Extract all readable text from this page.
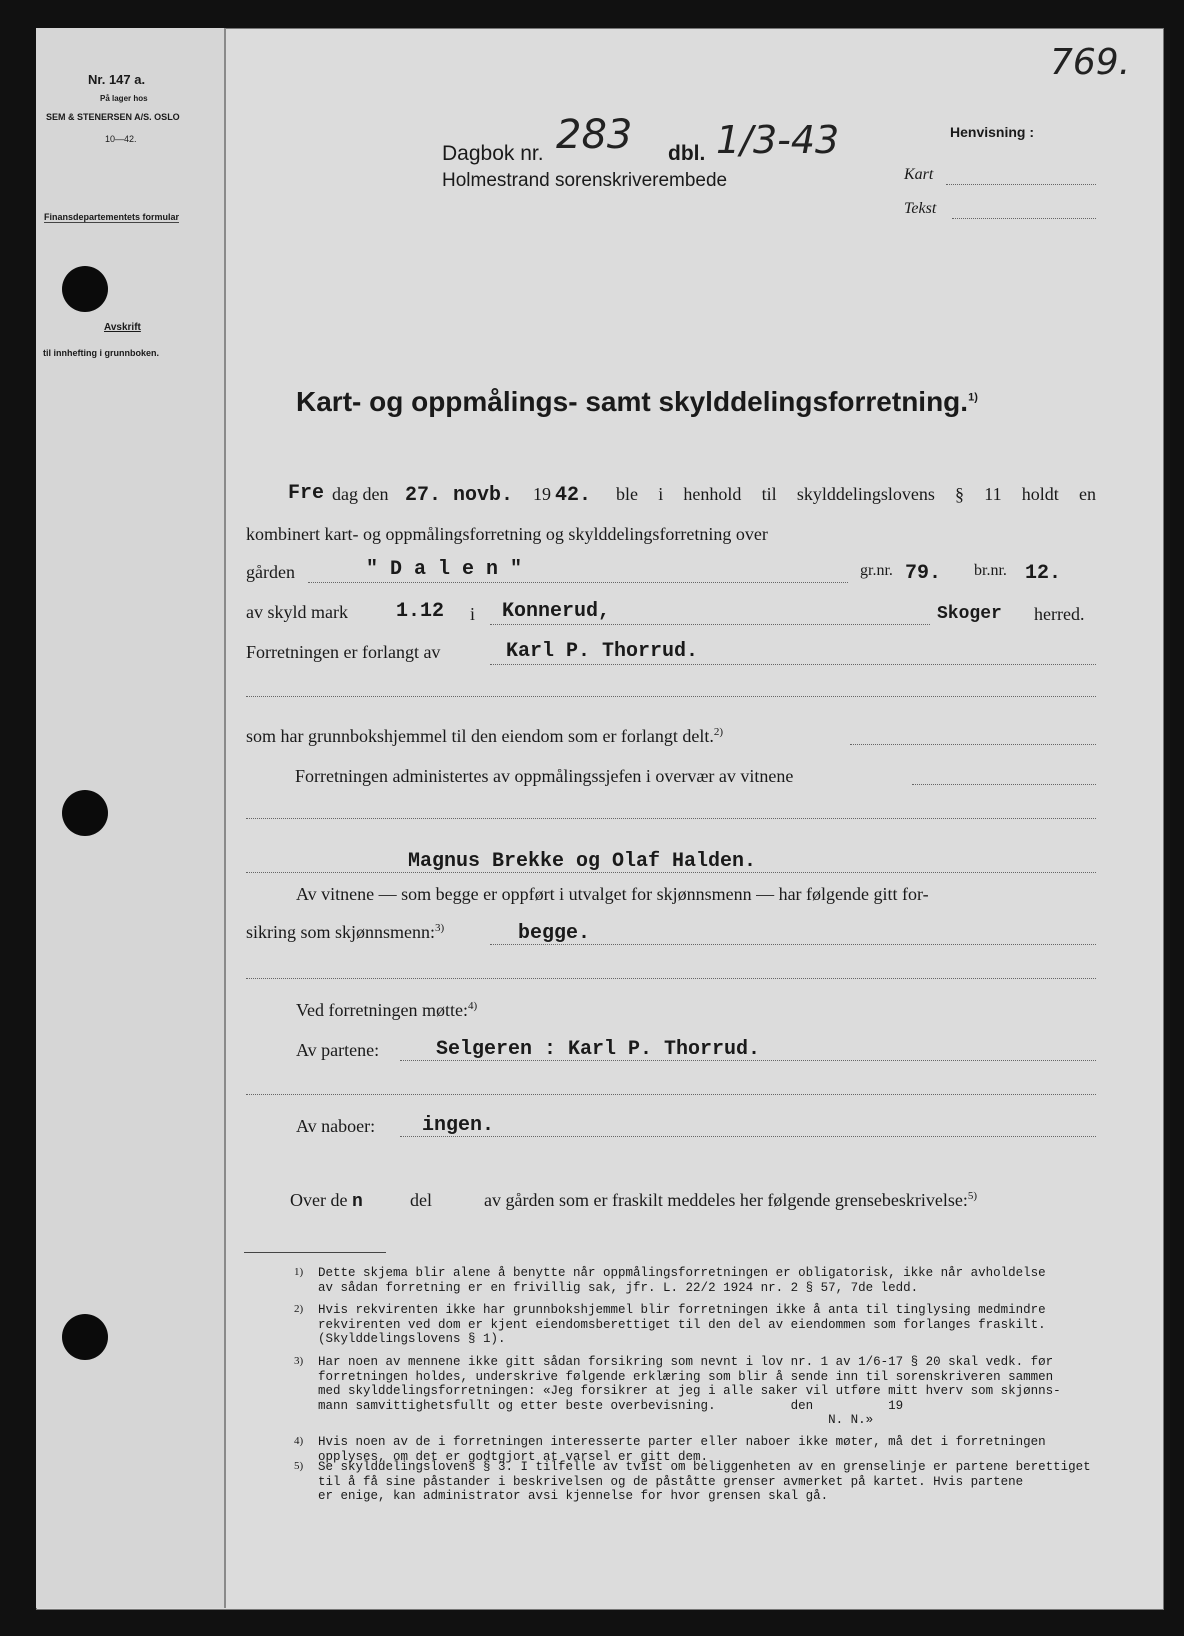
Nr. 147 a.
På lager hos
SEM & STENERSEN A/S. OSLO
10—42.
Finansdepartementets formular
Avskrift
til innhefting i grunnboken.
769.
Dagbok nr. 283 dbl. 1/3-43
Holmestrand sorenskriverembede
Henvisning :
Kart
Tekst
Kart- og oppmålings- samt skylddelingsforretning.$^{1)}$
Fre dag den 27. novb. 19 42. ble i henhold til skylddelingslovens § 11 holdt en
kombinert kart- og oppmålingsforretning og skylddelingsforretning over
gården	" D a l e n "	gr.nr. 79. br.nr. 12.
av skyld mark 1.12 i Konnerud,	Skoger herred.
Forretningen er forlangt av	Karl P. Thorrud.
som har grunnbokshjemmel til den eiendom som er forlangt delt.$^{2)}$
Forretningen administertes av oppmålingssjefen i overvær av vitnene
Magnus Brekke og Olaf Halden.
Av vitnene — som begge er oppført i utvalget for skjønnsmenn — har følgende gitt for-
sikring som skjønnsmenn:$^{3)}$	begge.
Ved forretningen møtte:$^{4)}$
Av partene:	Selgeren : Karl P. Thorrud.
Av naboer: ingen.
Over de n	del	av gården som er fraskilt meddeles her følgende grensebeskrivelse:$^{5)}$
1) Dette skjema blir alene å benytte når oppmålingsforretningen er obligatorisk, ikke når avholdelse
av sådan forretning er en frivillig sak, jfr. L. 22/2 1924 nr. 2 § 57, 7de ledd.
2) Hvis rekvirenten ikke har grunnbokshjemmel blir forretningen ikke å anta til tinglysing medmindre
rekvirenten ved dom er kjent eiendomsberettiget til den del av eiendommen som forlanges fraskilt.
(Skylddelingslovens § 1).
3) Har noen av mennene ikke gitt sådan forsikring som nevnt i lov nr. 1 av 1/6-17 § 20 skal vedk. før
forretningen holdes, underskrive følgende erklæring som blir å sende inn til sorenskriveren sammen
med skylddelingsforretningen: «Jeg forsikrer at jeg i alle saker vil utføre mitt hverv som skjønns-
mann samvittighetsfullt og etter beste overbevisning.          den          19
N. N.»
4) Hvis noen av de i forretningen interesserte parter eller naboer ikke møter, må det i forretningen
opplyses, om det er godtgjort at varsel er gitt dem.
5) Se skylddelingslovens § 3. I tilfelle av tvist om beliggenheten av en grenselinje er partene berettiget
til å få sine påstander i beskrivelsen og de påståtte grenser avmerket på kartet. Hvis partene
er enige, kan administrator avsi kjennelse for hvor grensen skal gå.
